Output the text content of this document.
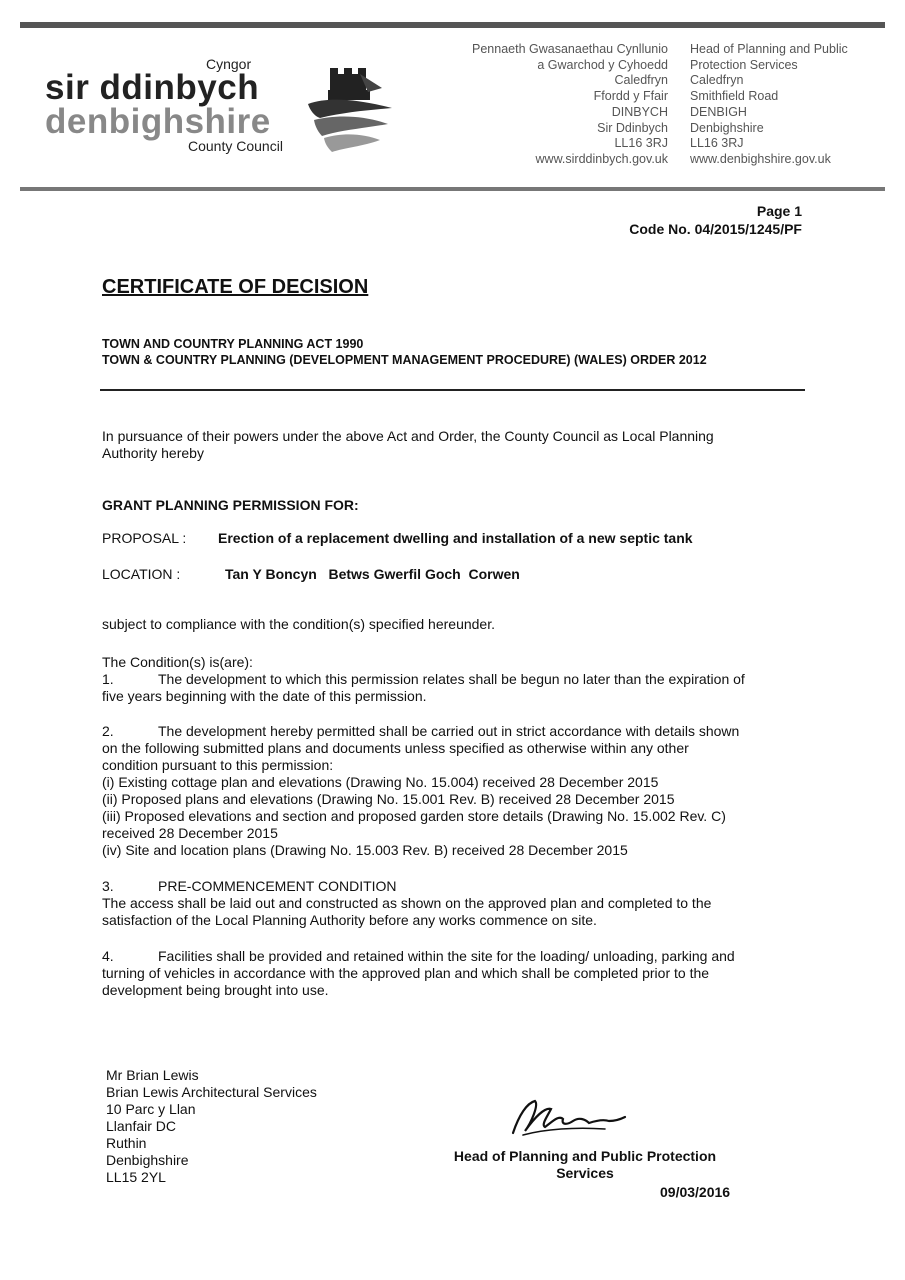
Cyngor
sir ddinbych
denbighshire
County Council
Pennaeth Gwasanaethau Cynllunio
a Gwarchod y Cyhoedd
Caledfryn
Ffordd y Ffair
DINBYCH
Sir Ddinbych
LL16 3RJ
www.sirddinbych.gov.uk
Head of Planning and Public
Protection Services
Caledfryn
Smithfield Road
DENBIGH
Denbighshire
LL16 3RJ
www.denbighshire.gov.uk
Page 1
Code No. 04/2015/1245/PF
CERTIFICATE OF DECISION
TOWN AND COUNTRY PLANNING ACT 1990
TOWN & COUNTRY PLANNING (DEVELOPMENT MANAGEMENT PROCEDURE) (WALES) ORDER 2012
In pursuance of their powers under the above Act and Order, the County Council as Local Planning
Authority hereby
GRANT PLANNING PERMISSION FOR:
PROPOSAL : Erection of a replacement dwelling and installation of a new septic tank
LOCATION :	Tan Y Boncyn   Betws Gwerfil Goch  Corwen
subject to compliance with the condition(s) specified hereunder.
The Condition(s) is(are):
1.	The development to which this permission relates shall be begun no later than the expiration of
five years beginning with the date of this permission.
2.	The development hereby permitted shall be carried out in strict accordance with details shown
on the following submitted plans and documents unless specified as otherwise within any other
condition pursuant to this permission:
(i) Existing cottage plan and elevations (Drawing No. 15.004) received 28 December 2015
(ii) Proposed plans and elevations (Drawing No. 15.001 Rev. B) received 28 December 2015
(iii) Proposed elevations and section and proposed garden store details (Drawing No. 15.002 Rev. C)
received 28 December 2015
(iv) Site and location plans (Drawing No. 15.003 Rev. B) received 28 December 2015
3.	PRE-COMMENCEMENT CONDITION
The access shall be laid out and constructed as shown on the approved plan and completed to the
satisfaction of the Local Planning Authority before any works commence on site.
4.	Facilities shall be provided and retained within the site for the loading/ unloading, parking and
turning of vehicles in accordance with the approved plan and which shall be completed prior to the
development being brought into use.
Mr Brian Lewis
Brian Lewis Architectural Services
10 Parc y Llan
Llanfair DC
Ruthin
Denbighshire
LL15 2YL
Head of Planning and Public Protection
Services
09/03/2016
